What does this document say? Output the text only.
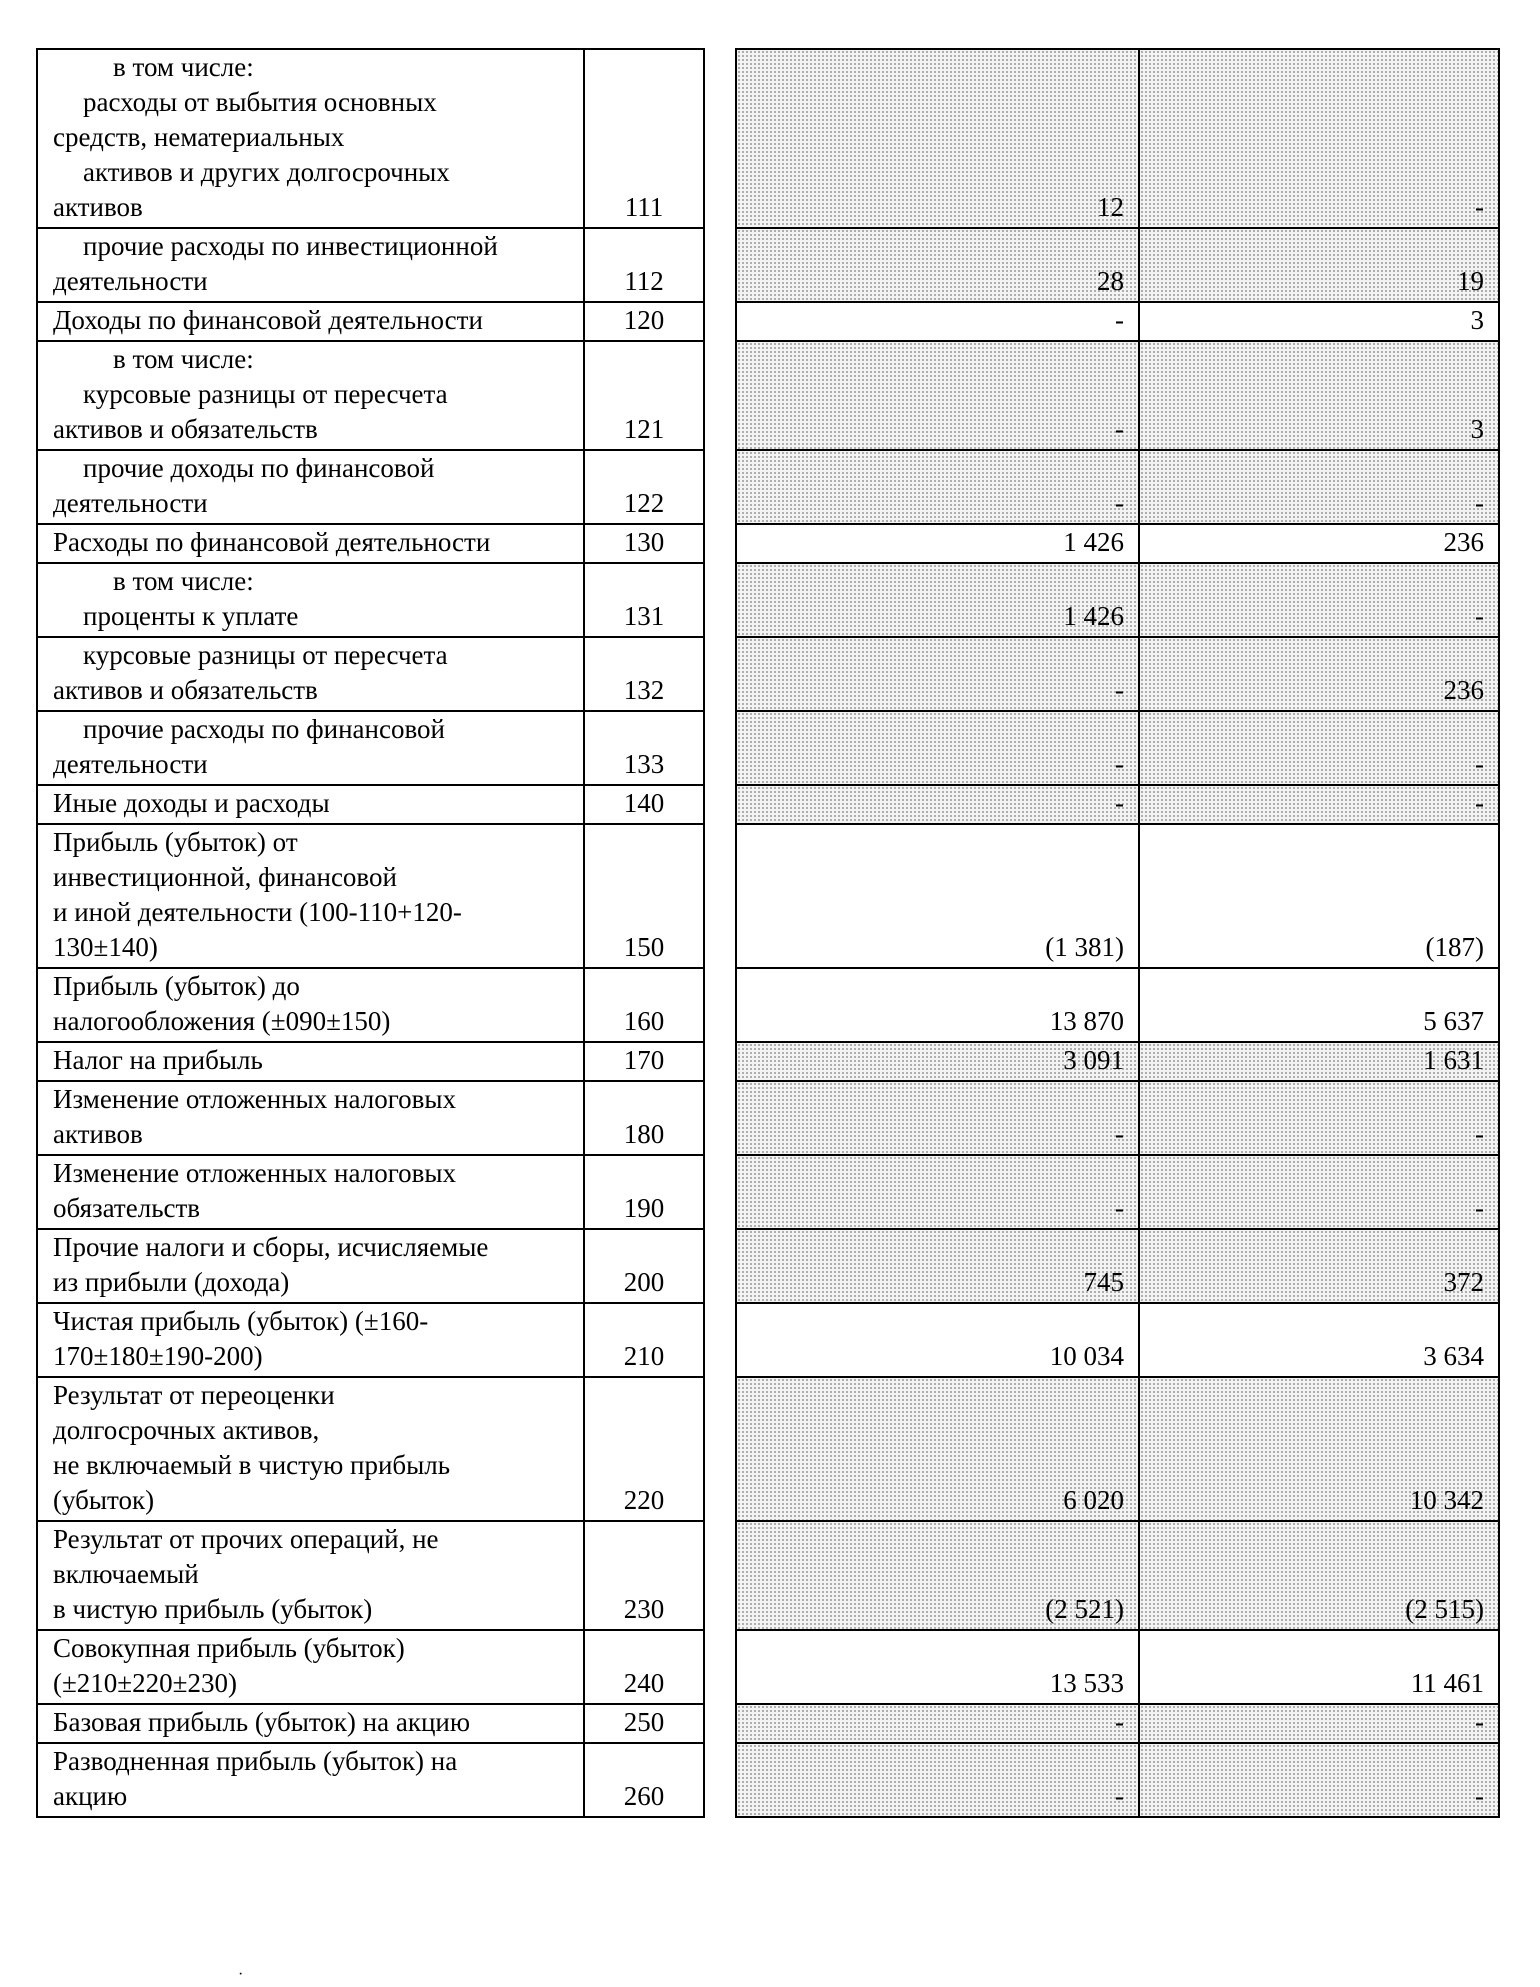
в том числе:
расходы от выбытия основных
средств, нематериальных
активов и других долгосрочных
активов	111		12	-

прочие расходы по инвестиционной
деятельности	112		28	19

Доходы по финансовой деятельности	120		-	3

в том числе:
курсовые разницы от пересчета
активов и обязательств	121		-	3

прочие доходы по финансовой
деятельности	122		-	-

Расходы по финансовой деятельности	130		1 426	236

в том числе:
проценты к уплате	131		1 426	-

курсовые разницы от пересчета
активов и обязательств	132		-	236

прочие расходы по финансовой
деятельности	133		-	-

Иные доходы и расходы	140		-	-

Прибыль (убыток) от
инвестиционной, финансовой
и иной деятельности (100-110+120-
130±140)	150		(1 381)	(187)

Прибыль (убыток) до
налогообложения (±090±150)	160		13 870	5 637

Налог на прибыль	170		3 091	1 631

Изменение отложенных налоговых
активов	180		-	-

Изменение отложенных налоговых
обязательств	190		-	-

Прочие налоги и сборы, исчисляемые
из прибыли (дохода)	200		745	372

Чистая прибыль (убыток) (±160-
170±180±190-200)	210		10 034	3 634

Результат от переоценки
долгосрочных активов,
не включаемый в чистую прибыль
(убыток)	220		6 020	10 342

Результат от прочих операций, не
включаемый
в чистую прибыль (убыток)	230		(2 521)	(2 515)

Совокупная прибыль (убыток)
(±210±220±230)	240		13 533	11 461

Базовая прибыль (убыток) на акцию	250		-	-

Разводненная прибыль (убыток) на
акцию	260		-	-
·
